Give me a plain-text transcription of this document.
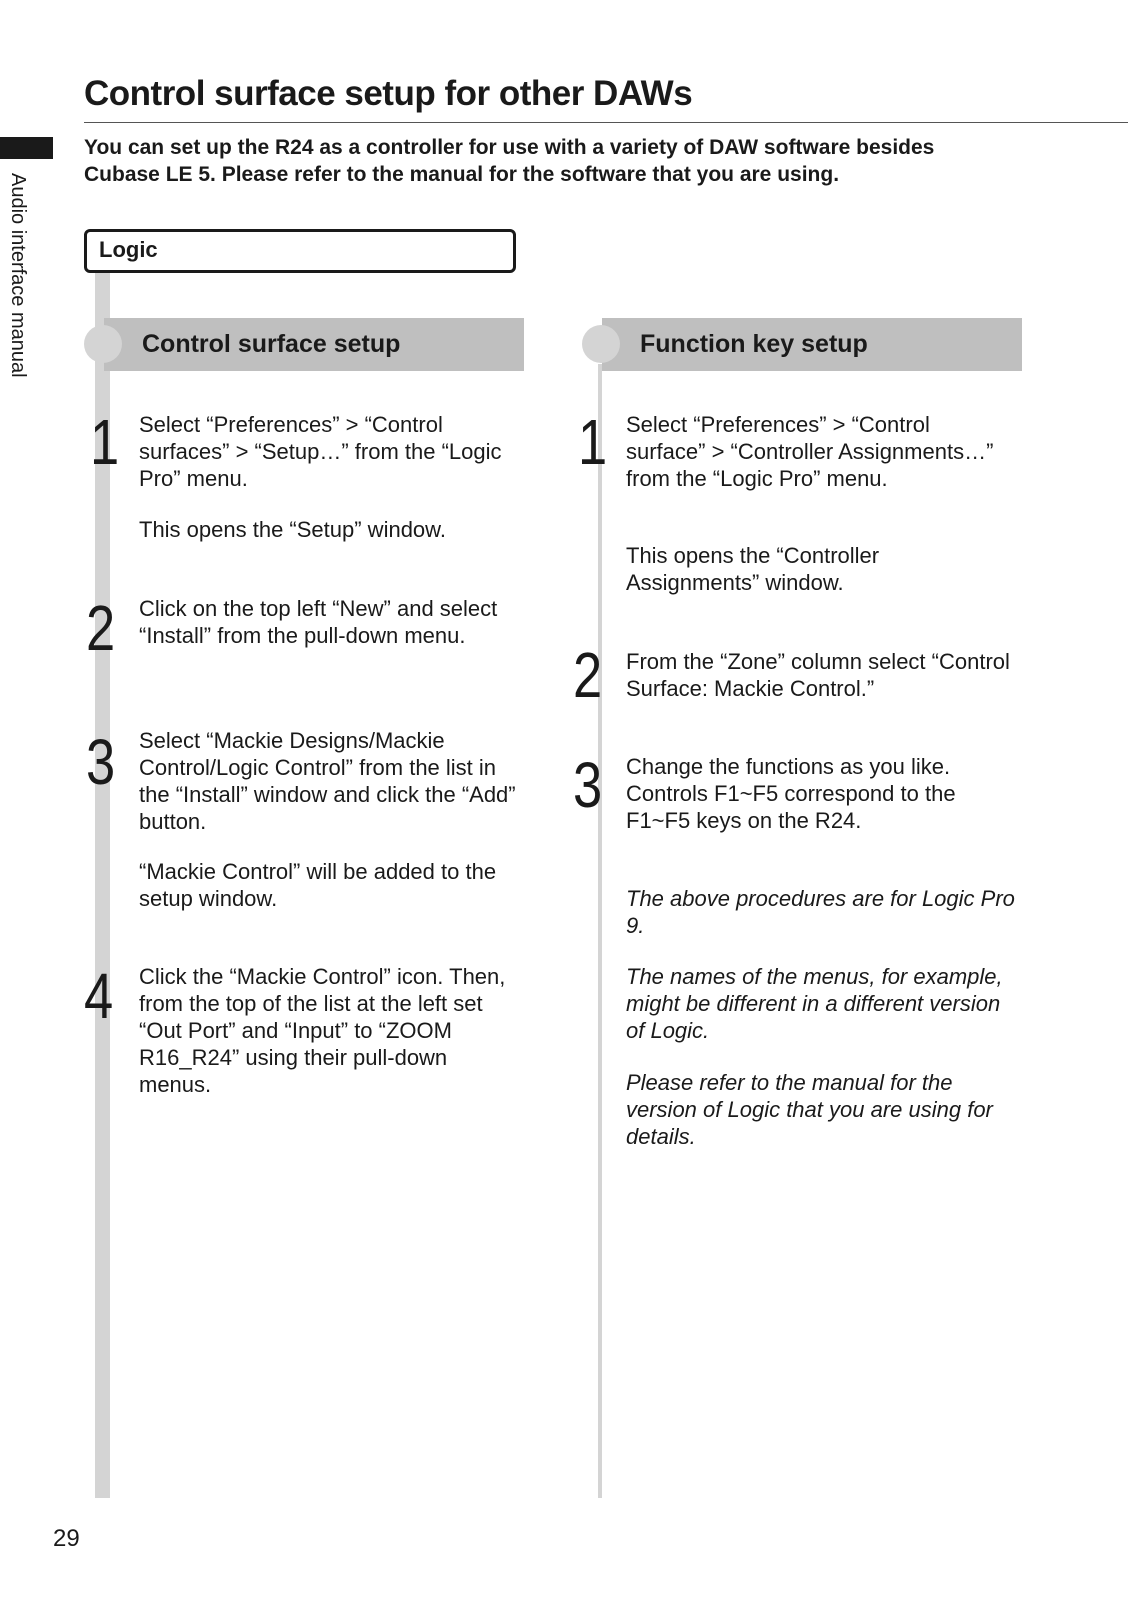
Control surface setup for other DAWs
Audio interface manual

You can set up the R24 as a controller for use with a variety of DAW software besides Cubase LE 5. Please refer to the manual for the software that you are using.

Logic
Control surface setup
1 Select “Preferences” > “Control surfaces” > “Setup…” from the “Logic Pro” menu.

This opens the “Setup” window.

2 Click on the top left “New” and select “Install” from the pull-down menu.

3 Select “Mackie Designs/Mackie Control/Logic Control” from the list in the “Install” window and click the “Add” button.

“Mackie Control” will be added to the setup window.

4 Click the “Mackie Control” icon. Then, from the top of the list at the left set “Out Port” and “Input” to “ZOOM R16_R24” using their pull-down menus.

Function key setup
1 Select “Preferences” > “Control surface” > “Controller Assignments…” from the “Logic Pro” menu.

This opens the “Controller Assignments” window.

2 From the “Zone” column select “Control Surface: Mackie Control.”

3 Change the functions as you like. Controls F1~F5 correspond to the F1~F5 keys on the R24.

The above procedures are for Logic Pro 9.

The names of the menus, for example, might be different in a different version of Logic.

Please refer to the manual for the version of Logic that you are using for details.

29
